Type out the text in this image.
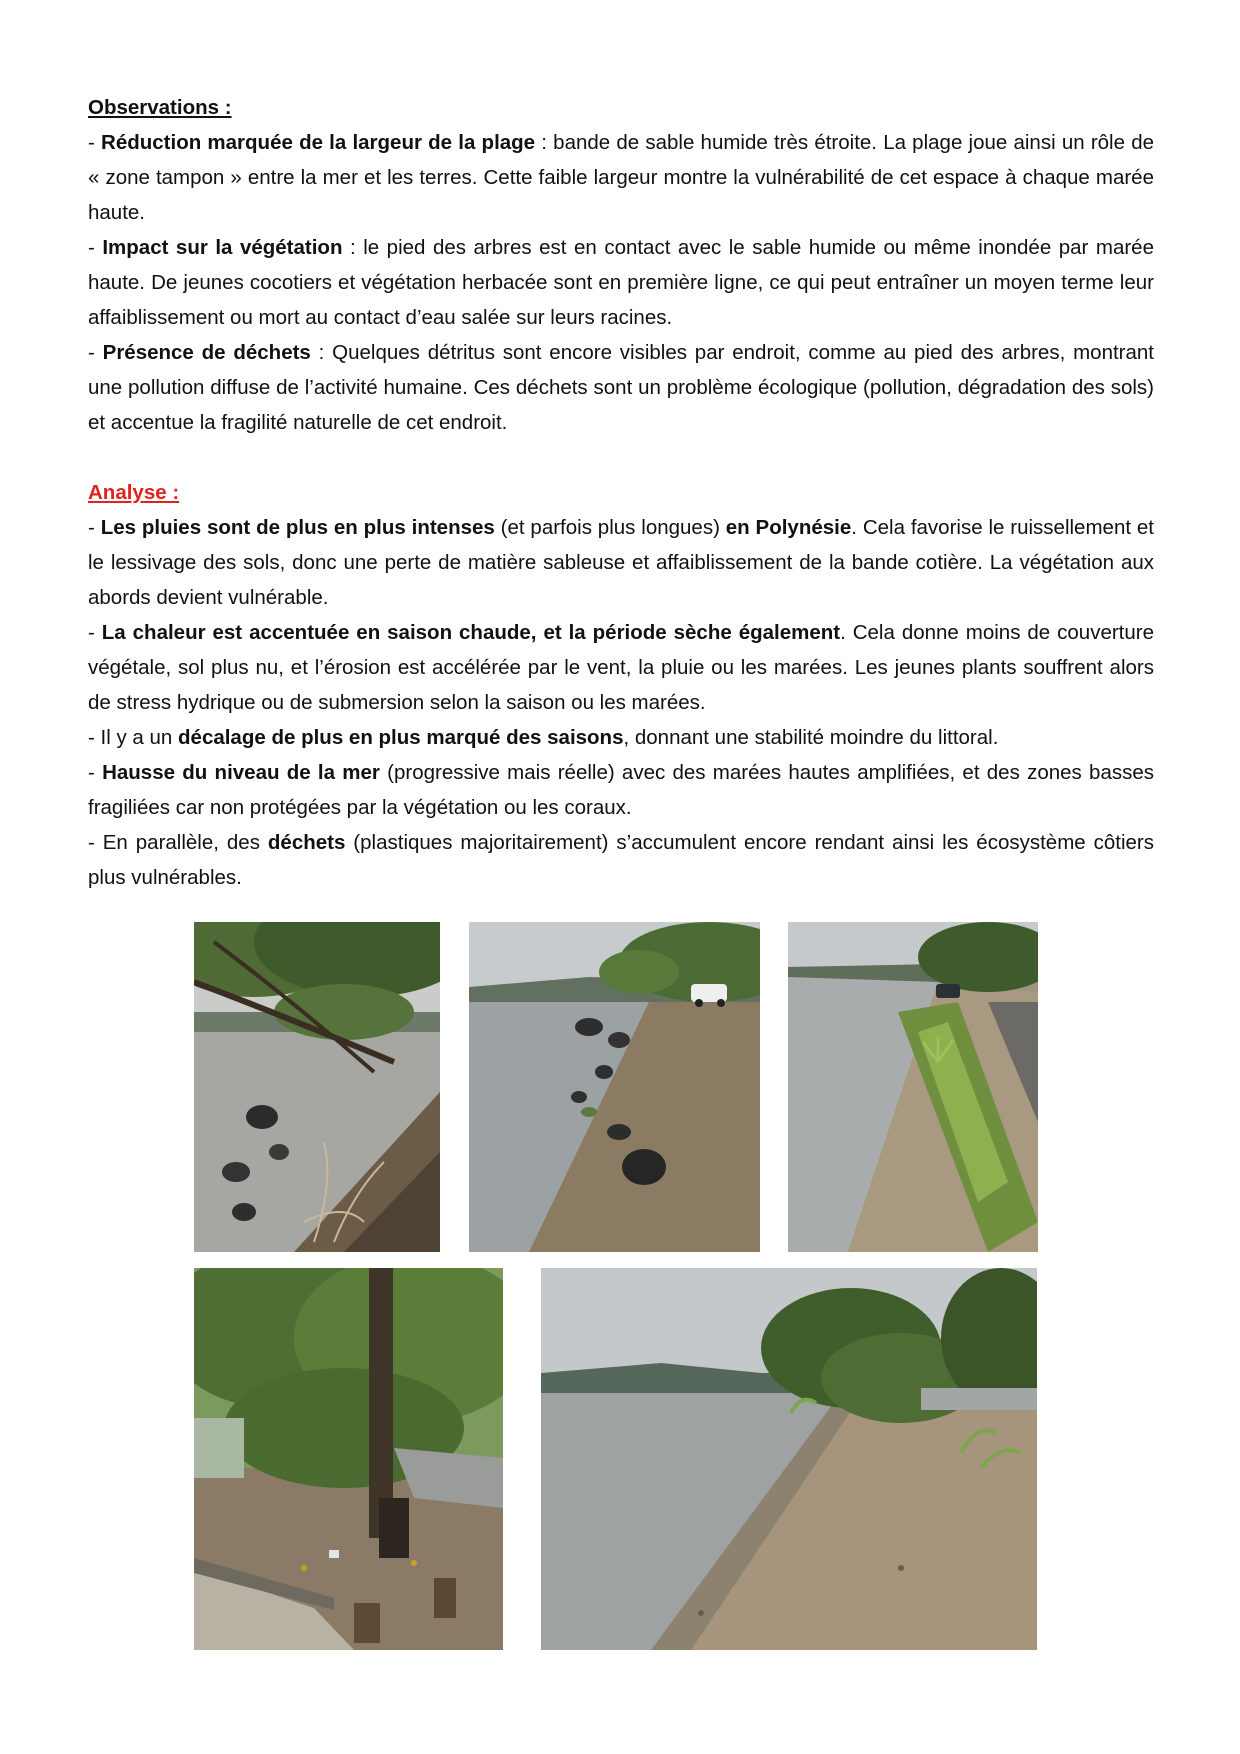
Observations :

- Réduction marquée de la largeur de la plage : bande de sable humide très étroite. La plage joue ainsi un rôle de « zone tampon » entre la mer et les terres. Cette faible largeur montre la vulnérabilité de cet espace à chaque marée haute.

- Impact sur la végétation : le pied des arbres est en contact avec le sable humide ou même inondée par marée haute. De jeunes cocotiers et végétation herbacée sont en première ligne, ce qui peut entraîner un moyen terme leur affaiblissement ou mort au contact d’eau salée sur leurs racines.

- Présence de déchets : Quelques détritus sont encore visibles par endroit, comme au pied des arbres, montrant une pollution diffuse de l’activité humaine. Ces déchets sont un problème écologique (pollution, dégradation des sols) et accentue la fragilité naturelle de cet endroit.

Analyse :

- Les pluies sont de plus en plus intenses (et parfois plus longues) en Polynésie. Cela favorise le ruissellement et le lessivage des sols, donc une perte de matière sableuse et affaiblissement de la bande cotière. La végétation aux abords devient vulnérable.

- La chaleur est accentuée en saison chaude, et la période sèche également. Cela donne moins de couverture végétale, sol plus nu, et l’érosion est accélérée par le vent, la pluie ou les marées. Les jeunes plants souffrent alors de stress hydrique ou de submersion selon la saison ou les marées.

- Il y a un décalage de plus en plus marqué des saisons, donnant une stabilité moindre du littoral.

- Hausse du niveau de la mer (progressive mais réelle) avec des marées hautes amplifiées, et des zones basses fragiliées car non protégées par la végétation ou les coraux.

- En parallèle, des déchets (plastiques majoritairement) s’accumulent encore rendant ainsi les écosystème côtiers plus vulnérables.
